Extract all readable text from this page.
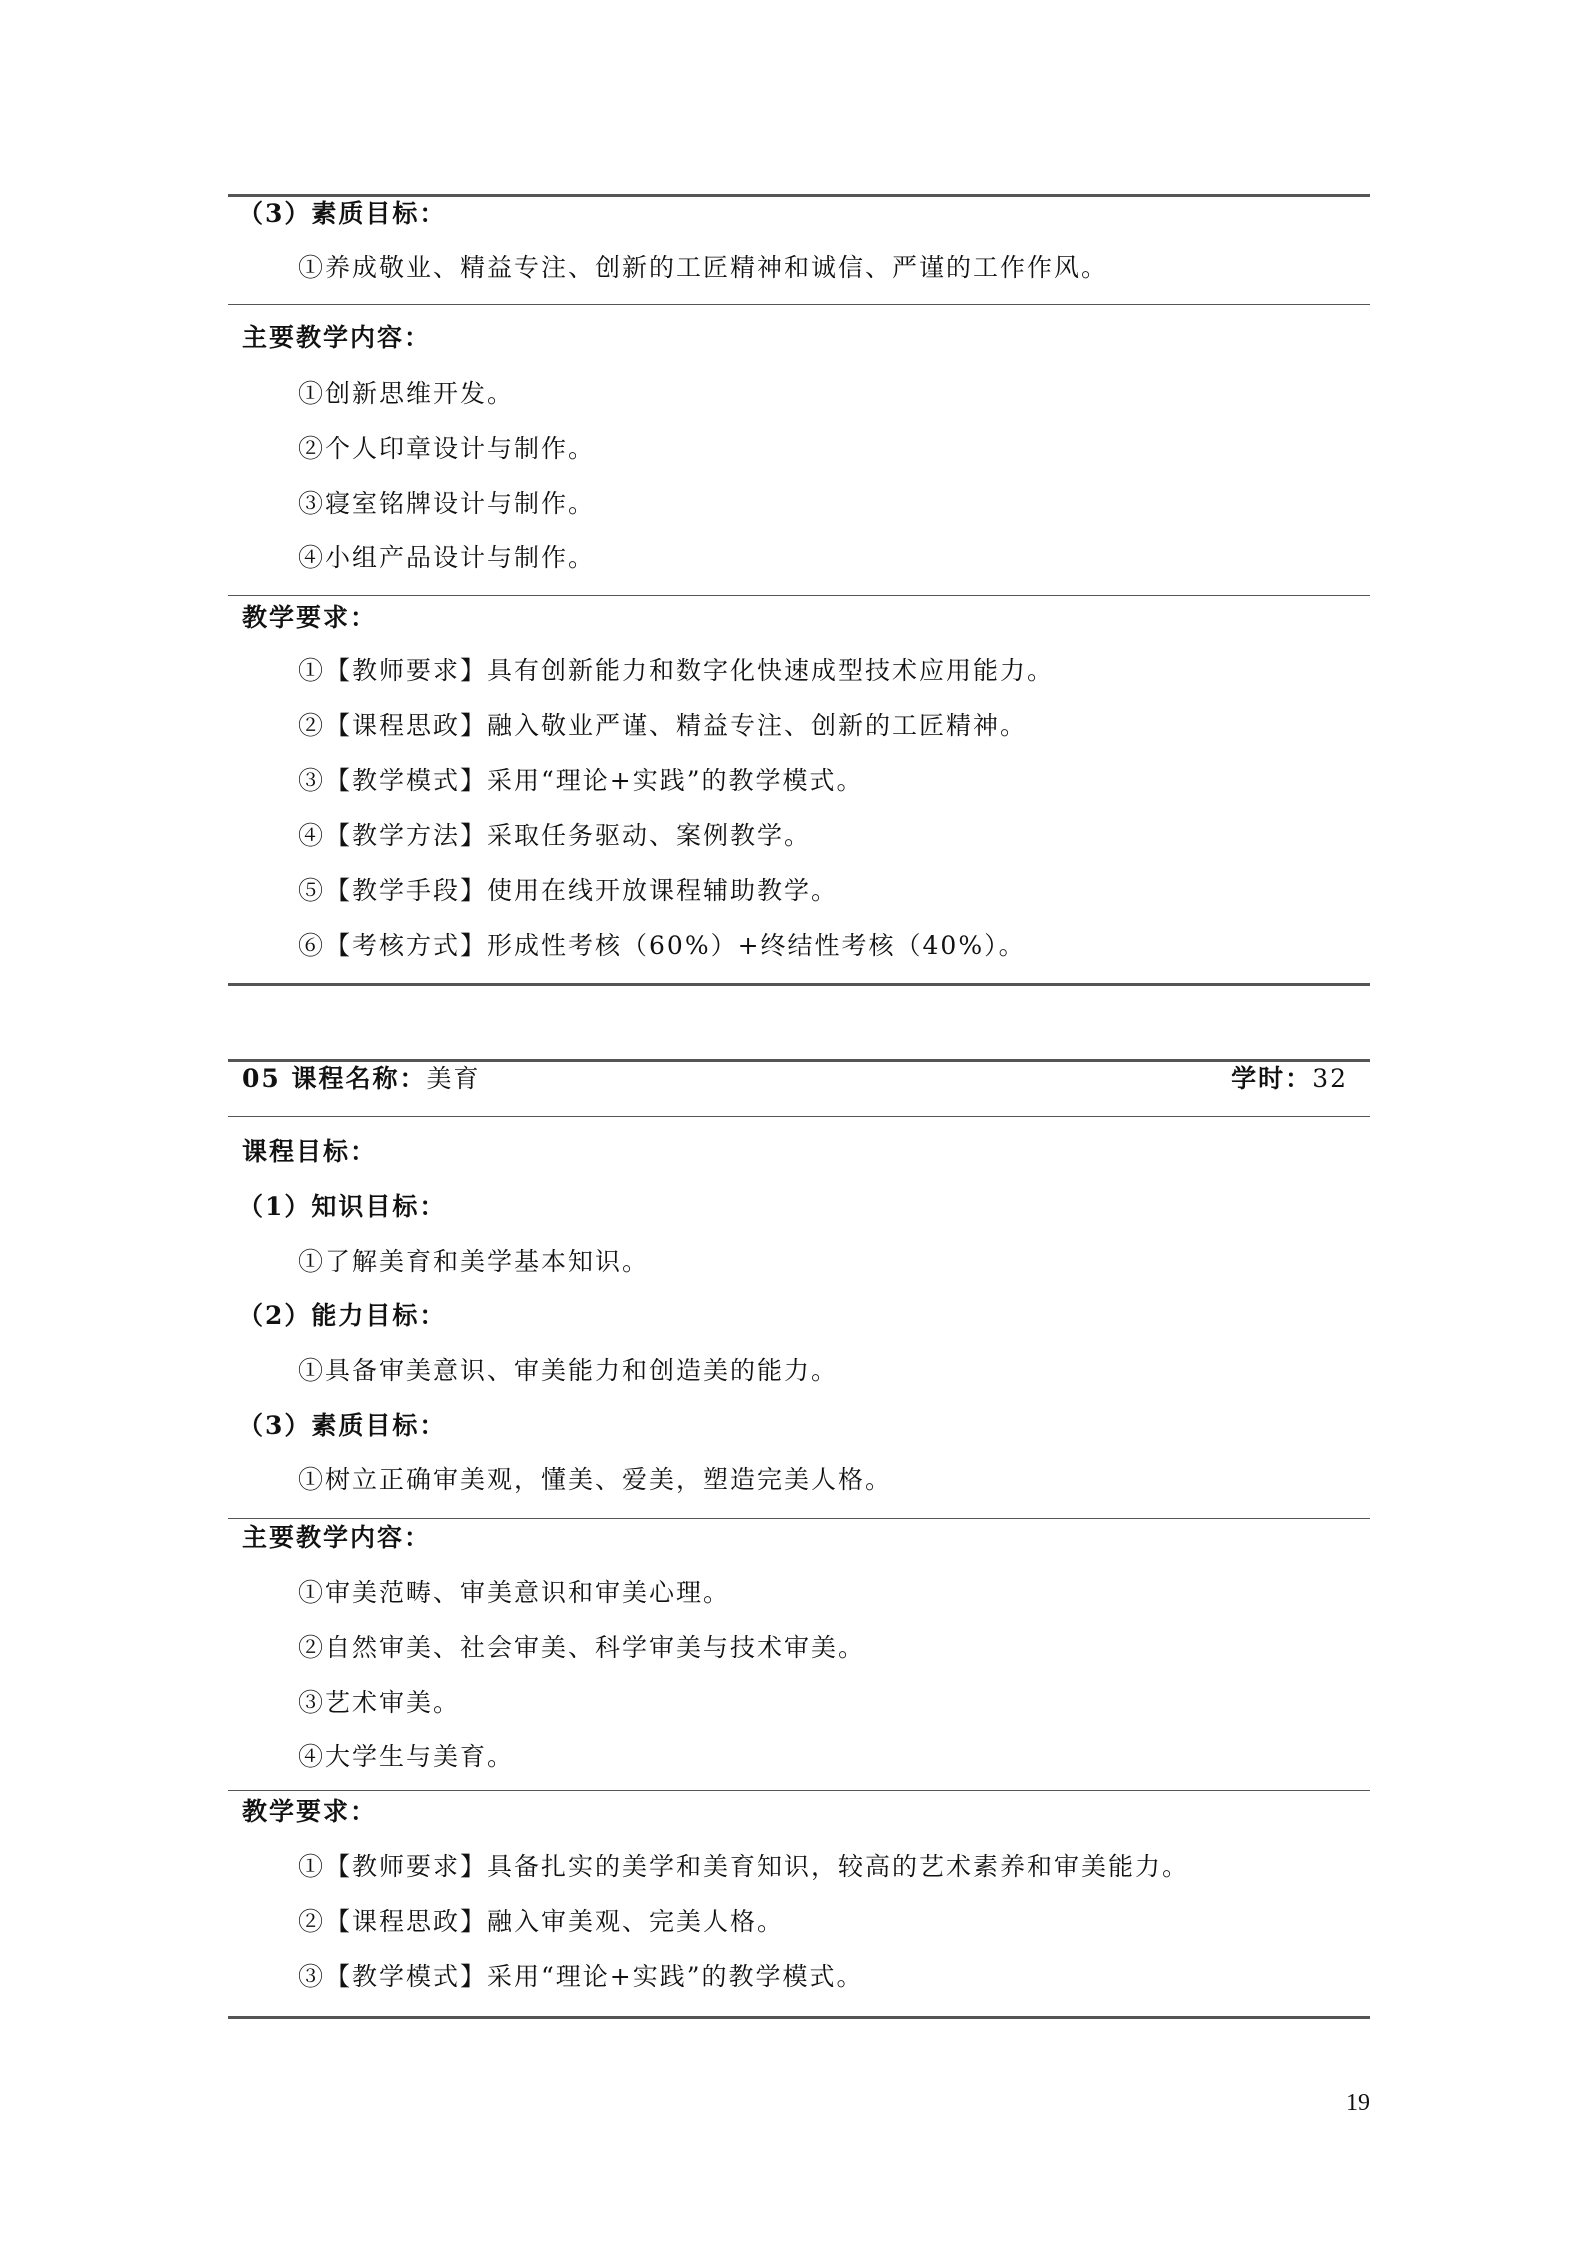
（3）素质目标：
①养成敬业、精益专注、创新的工匠精神和诚信、严谨的工作作风。
主要教学内容：
①创新思维开发。
②个人印章设计与制作。
③寝室铭牌设计与制作。
④小组产品设计与制作。
教学要求：
①【教师要求】具有创新能力和数字化快速成型技术应用能力。
②【课程思政】融入敬业严谨、精益专注、创新的工匠精神。
③【教学模式】采用“理论+实践”的教学模式。
④【教学方法】采取任务驱动、案例教学。
⑤【教学手段】使用在线开放课程辅助教学。
⑥【考核方式】形成性考核（60%）+终结性考核（40%）。
05 课程名称：美育	学时：32
课程目标：
（1）知识目标：
①了解美育和美学基本知识。
（2）能力目标：
①具备审美意识、审美能力和创造美的能力。
（3）素质目标：
①树立正确审美观，懂美、爱美，塑造完美人格。
主要教学内容：
①审美范畴、审美意识和审美心理。
②自然审美、社会审美、科学审美与技术审美。
③艺术审美。
④大学生与美育。
教学要求：
①【教师要求】具备扎实的美学和美育知识，较高的艺术素养和审美能力。
②【课程思政】融入审美观、完美人格。
③【教学模式】采用“理论+实践”的教学模式。
19
